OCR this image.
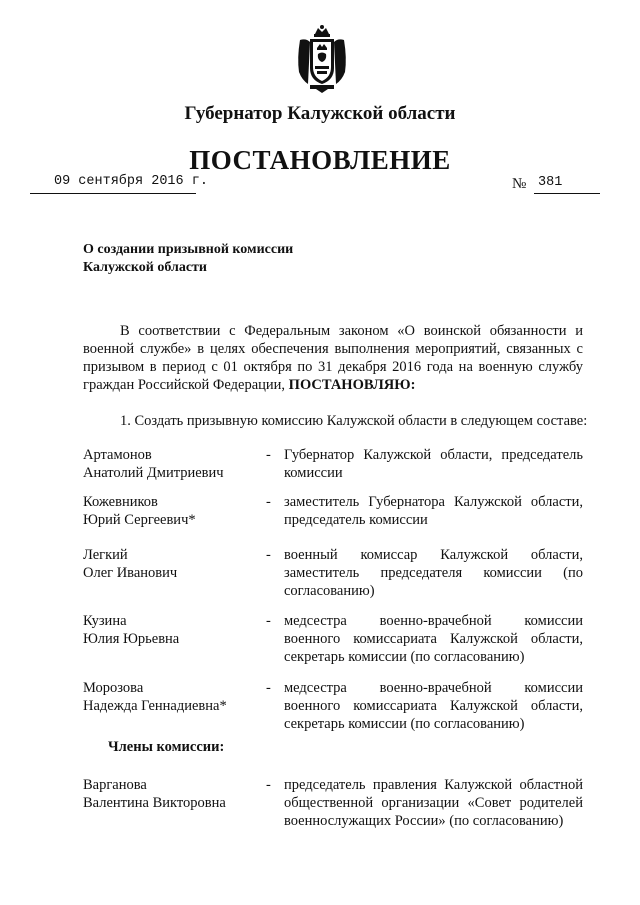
Губернатор Калужской области
ПОСТАНОВЛЕНИЕ
09 сентября 2016 г.	№ 381
О создании призывной комиссии
Калужской области
В соответствии с Федеральным законом «О воинской обязанности и военной службе» в целях обеспечения выполнения мероприятий, связанных с призывом в период с 01 октября по 31 декабря 2016 года на военную службу граждан Российской Федерации, ПОСТАНОВЛЯЮ:
1. Создать призывную комиссию Калужской области в следующем составе:
Артамонов
Анатолий Дмитриевич
- Губернатор Калужской области, председатель комиссии
Кожевников
Юрий Сергеевич*
- заместитель Губернатора Калужской области, председатель комиссии
Легкий
Олег Иванович
- военный комиссар Калужской области, заместитель председателя комиссии (по согласованию)
Кузина
Юлия Юрьевна
- медсестра военно-врачебной комиссии военного комиссариата Калужской области, секретарь комиссии (по согласованию)
Морозова
Надежда Геннадиевна*
- медсестра военно-врачебной комиссии военного комиссариата Калужской области, секретарь комиссии (по согласованию)
Члены комиссии:
Варганова
Валентина Викторовна
- председатель правления Калужской областной общественной организации «Совет родителей военнослужащих России» (по согласованию)
